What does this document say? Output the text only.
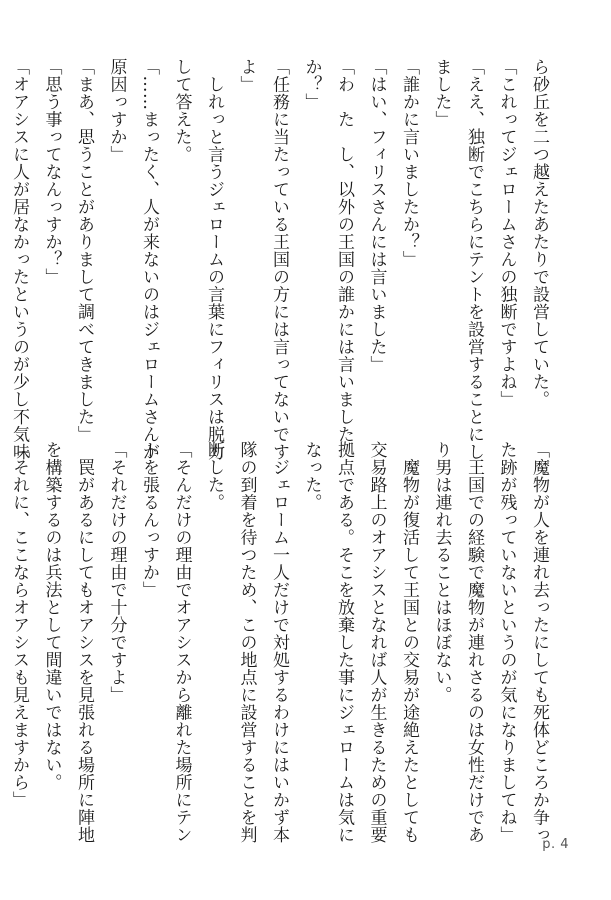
ら砂丘を二つ越えたあたりで設営していた。
「これってジェロームさんの独断ですよね」
「ええ、独断でこちらにテントを設営することにし
ました」
「誰かに言いましたか？」
「はい、フィリスさんには言いました」
「わ　た　し、以外の王国の誰かには言いました
か？」
「任務に当たっている王国の方には言ってないです
よ」
　しれっと言うジェロームの言葉にフィリスは脱力
して答えた。
「……まったく、人が来ないのはジェロームさんが
原因っすか」
「まあ、思うことがありまして調べてきました」
「思う事ってなんっすか？」
「オアシスに人が居なかったというのが少し不気味
「魔物が人を連れ去ったにしても死体どころか争っ
た跡が残っていないというのが気になりましてね」
　王国での経験で魔物が連れさるのは女性だけであ
り男は連れ去ることはほぼない。
　魔物が復活して王国との交易が途絶えたとしても
交易路上のオアシスとなれば人が生きるための重要
拠点である。そこを放棄した事にジェロームは気に
なった。
　ジェローム一人だけで対処するわけにはいかず本
隊の到着を待つため、この地点に設営することを判
断した。
「そんだけの理由でオアシスから離れた場所にテン
トを張るんっすか」
「それだけの理由で十分ですよ」
　罠があるにしてもオアシスを見張れる場所に陣地
を構築するのは兵法として間違いではない。
「それに、ここならオアシスも見えますから」
p. 4
